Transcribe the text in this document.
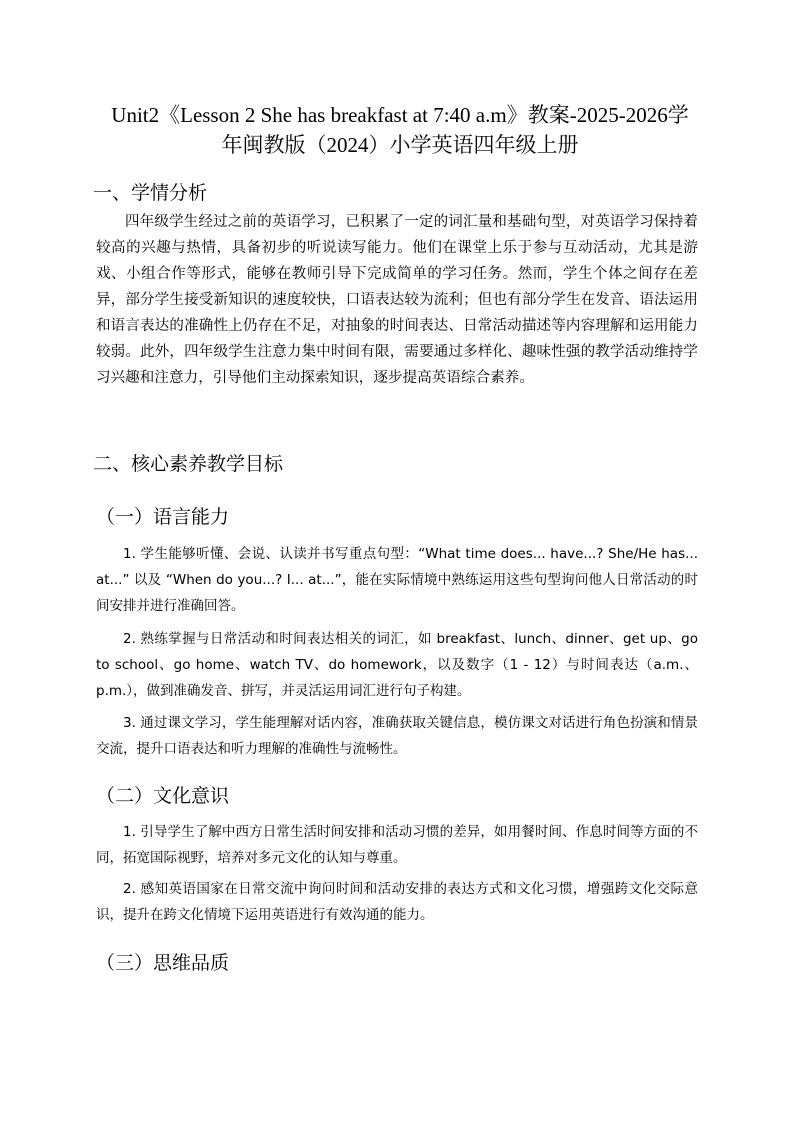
Unit2《Lesson 2 She has breakfast at 7:40 a.m》教案-2025-2026学
年闽教版（2024）小学英语四年级上册
一、学情分析
四年级学生经过之前的英语学习，已积累了一定的词汇量和基础句型，对英语学习保持着较高的兴趣与热情，具备初步的听说读写能力。他们在课堂上乐于参与互动活动，尤其是游戏、小组合作等形式，能够在教师引导下完成简单的学习任务。然而，学生个体之间存在差异，部分学生接受新知识的速度较快，口语表达较为流利；但也有部分学生在发音、语法运用和语言表达的准确性上仍存在不足，对抽象的时间表达、日常活动描述等内容理解和运用能力较弱。此外，四年级学生注意力集中时间有限，需要通过多样化、趣味性强的教学活动维持学习兴趣和注意力，引导他们主动探索知识，逐步提高英语综合素养。
二、核心素养教学目标
（一）语言能力
1. 学生能够听懂、会说、认读并书写重点句型：“What time does... have...? She/He has... at...” 以及 “When do you...? I... at...”，能在实际情境中熟练运用这些句型询问他人日常活动的时间安排并进行准确回答。
2. 熟练掌握与日常活动和时间表达相关的词汇，如 breakfast、lunch、dinner、get up、go to school、go home、watch TV、do homework，以及数字（1 - 12）与时间表达（a.m.、p.m.），做到准确发音、拼写，并灵活运用词汇进行句子构建。
3. 通过课文学习，学生能理解对话内容，准确获取关键信息，模仿课文对话进行角色扮演和情景交流，提升口语表达和听力理解的准确性与流畅性。
（二）文化意识
1. 引导学生了解中西方日常生活时间安排和活动习惯的差异，如用餐时间、作息时间等方面的不同，拓宽国际视野，培养对多元文化的认知与尊重。
2. 感知英语国家在日常交流中询问时间和活动安排的表达方式和文化习惯，增强跨文化交际意识，提升在跨文化情境下运用英语进行有效沟通的能力。
（三）思维品质
